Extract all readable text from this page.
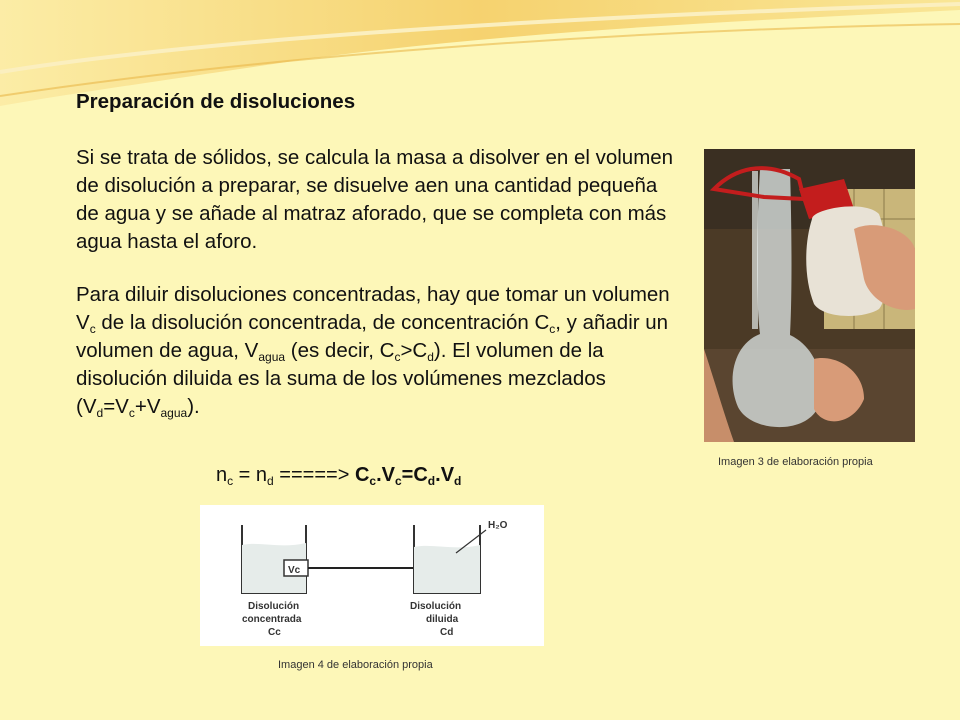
Preparación de disoluciones

Si se trata de sólidos, se calcula la masa a disolver en el volumen de disolución a preparar, se disuelve aen una cantidad pequeña de agua y se añade al matraz aforado, que se completa con más agua hasta el aforo.

Para diluir disoluciones concentradas, hay que tomar un volumen $V_c$ de la disolución concentrada, de concentración $C_c$, y añadir un volumen de agua, $V_{agua}$ (es decir, $C_c>C_d$). El volumen de la disolución diluida es la suma de los volúmenes mezclados $(V_d=V_c+V_{agua})$.

$n_c = n_d$ =====> $C_c.V_c=C_d.V_d$
Imagen 3 de elaboración propia
Vc
H₂O
Disolución
concentrada
Cc
Disolución
diluida
Cd
Imagen 4 de elaboración propia
